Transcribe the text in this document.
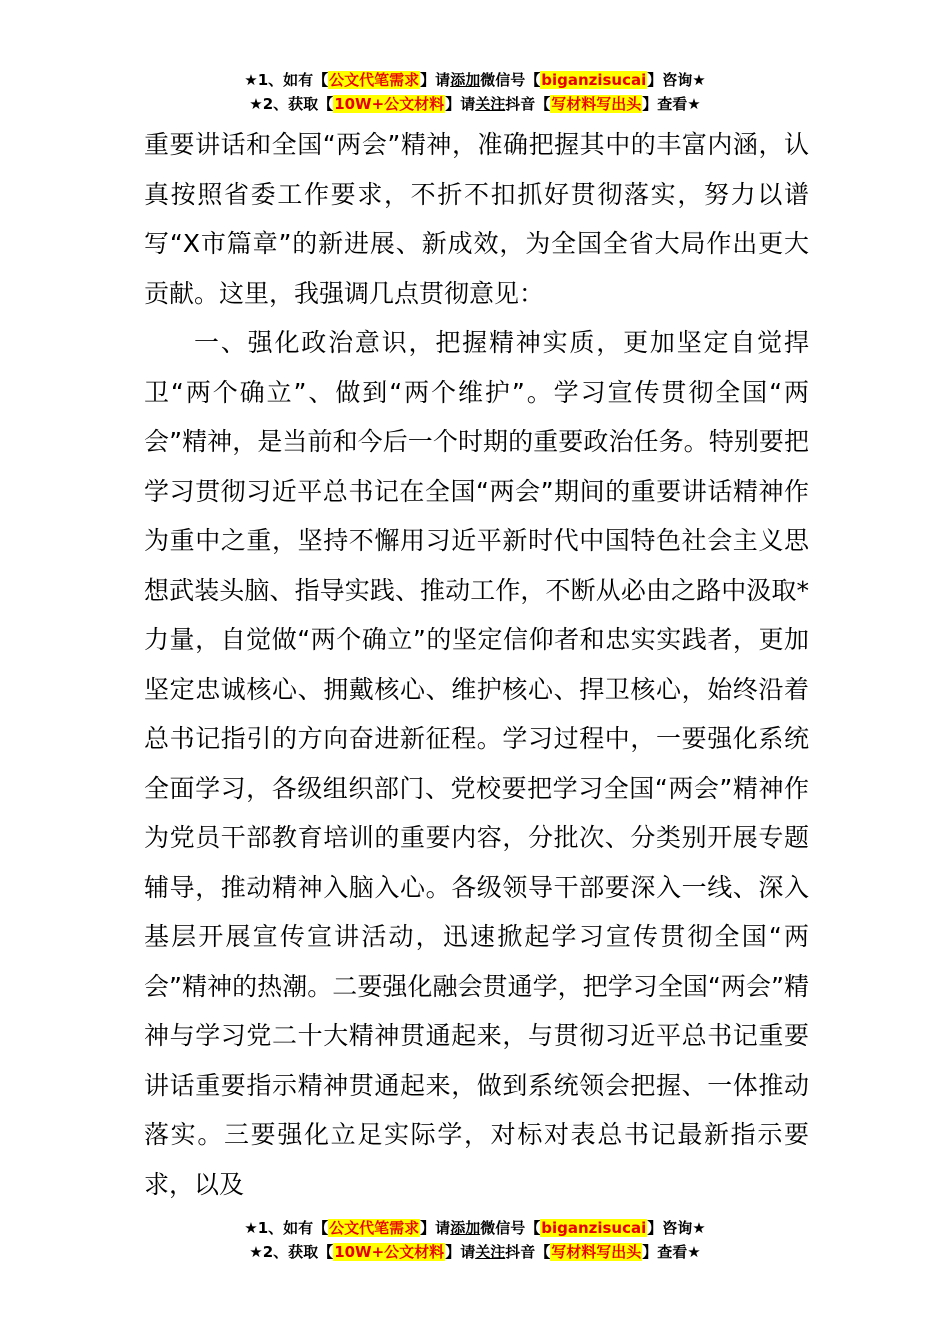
★1、如有【公文代笔需求】请添加微信号【biganzisucai】咨询★
★2、获取【10W+公文材料】请关注抖音【写材料写出头】查看★

重要讲话和全国“两会”精神，准确把握其中的丰富内涵，认真按照省委工作要求，不折不扣抓好贯彻落实，努力以谱写“X市篇章”的新进展、新成效，为全国全省大局作出更大贡献。这里，我强调几点贯彻意见：

一、强化政治意识，把握精神实质，更加坚定自觉捍卫“两个确立”、做到“两个维护”。学习宣传贯彻全国“两会”精神，是当前和今后一个时期的重要政治任务。特别要把学习贯彻习近平总书记在全国“两会”期间的重要讲话精神作为重中之重，坚持不懈用习近平新时代中国特色社会主义思想武装头脑、指导实践、推动工作，不断从必由之路中汲取*力量，自觉做“两个确立”的坚定信仰者和忠实实践者，更加坚定忠诚核心、拥戴核心、维护核心、捍卫核心，始终沿着总书记指引的方向奋进新征程。学习过程中，一要强化系统全面学习，各级组织部门、党校要把学习全国“两会”精神作为党员干部教育培训的重要内容，分批次、分类别开展专题辅导，推动精神入脑入心。各级领导干部要深入一线、深入基层开展宣传宣讲活动，迅速掀起学习宣传贯彻全国“两会”精神的热潮。二要强化融会贯通学，把学习全国“两会”精神与学习党二十大精神贯通起来，与贯彻习近平总书记重要讲话重要指示精神贯通起来，做到系统领会把握、一体推动落实。三要强化立足实际学，对标对表总书记最新指示要求，以及

★1、如有【公文代笔需求】请添加微信号【biganzisucai】咨询★
★2、获取【10W+公文材料】请关注抖音【写材料写出头】查看★
